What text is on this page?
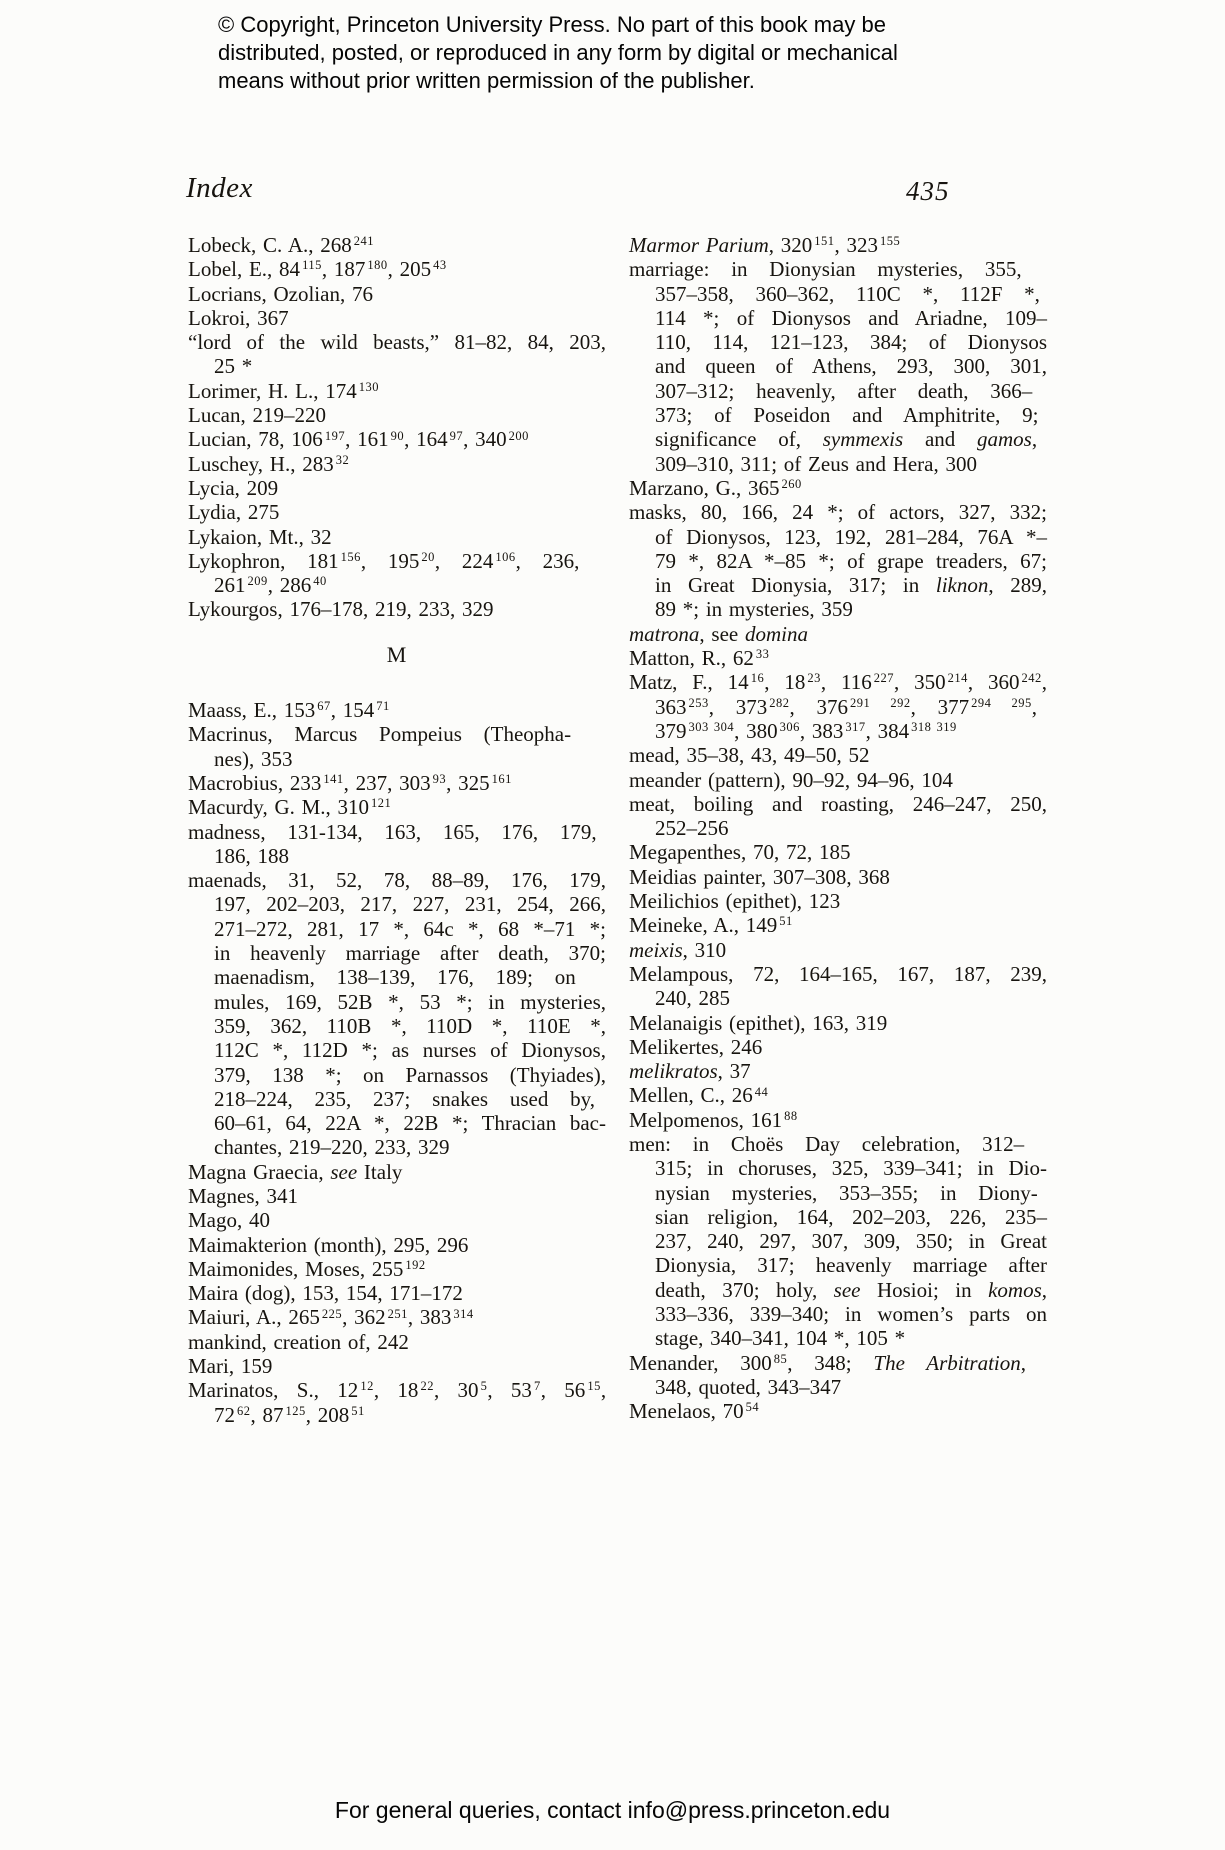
© Copyright, Princeton University Press. No part of this book may be
distributed, posted, or reproduced in any form by digital or mechanical
means without prior written permission of the publisher.
Index	435
Lobeck, C. A., 268 $^{241}$
Lobel, E., 84 $^{115}$, 187 $^{180}$, 205 $^{43}$
Locrians, Ozolian, 76
Lokroi, 367
“lord of the wild beasts,” 81–82, 84, 203,
25 *
Lorimer, H. L., 174 $^{130}$
Lucan, 219–220
Lucian, 78, 106 $^{197}$, 161 $^{90}$, 164 $^{97}$, 340 $^{200}$
Luschey, H., 283 $^{32}$
Lycia, 209
Lydia, 275
Lykaion, Mt., 32
Lykophron, 181 $^{156}$, 195 $^{20}$, 224 $^{106}$, 236,
261 $^{209}$, 286 $^{40}$
Lykourgos, 176–178, 219, 233, 329
M
Maass, E., 153 $^{67}$, 154 $^{71}$
Macrinus, Marcus Pompeius (Theopha-
nes), 353
Macrobius, 233 $^{141}$, 237, 303 $^{93}$, 325 $^{161}$
Macurdy, G. M., 310 $^{121}$
madness, 131-134, 163, 165, 176, 179,
186, 188
maenads, 31, 52, 78, 88–89, 176, 179,
197, 202–203, 217, 227, 231, 254, 266,
271–272, 281, 17 *, 64c *, 68 *–71 *;
in heavenly marriage after death, 370;
maenadism, 138–139, 176, 189; on
mules, 169, 52B *, 53 *; in mysteries,
359, 362, 110B *, 110D *, 110E *,
112C *, 112D *; as nurses of Dionysos,
379, 138 *; on Parnassos (Thyiades),
218–224, 235, 237; snakes used by,
60–61, 64, 22A *, 22B *; Thracian bac-
chantes, 219–220, 233, 329
Magna Graecia, see Italy
Magnes, 341
Mago, 40
Maimakterion (month), 295, 296
Maimonides, Moses, 255 $^{192}$
Maira (dog), 153, 154, 171–172
Maiuri, A., 265 $^{225}$, 362 $^{251}$, 383 $^{314}$
mankind, creation of, 242
Mari, 159
Marinatos, S., 12 $^{12}$, 18 $^{22}$, 30 $^5$, 53 $^7$, 56 $^{15}$,
72 $^{62}$, 87 $^{125}$, 208 $^{51}$
Marmor Parium, 320 $^{151}$, 323 $^{155}$
marriage: in Dionysian mysteries, 355,
357–358, 360–362, 110C *, 112F *,
114 *; of Dionysos and Ariadne, 109–
110, 114, 121–123, 384; of Dionysos
and queen of Athens, 293, 300, 301,
307–312; heavenly, after death, 366–
373; of Poseidon and Amphitrite, 9;
significance of, symmexis and gamos,
309–310, 311; of Zeus and Hera, 300
Marzano, G., 365 $^{260}$
masks, 80, 166, 24 *; of actors, 327, 332;
of Dionysos, 123, 192, 281–284, 76A *–
79 *, 82A *–85 *; of grape treaders, 67;
in Great Dionysia, 317; in liknon, 289,
89 *; in mysteries, 359
matrona, see domina
Matton, R., 62 $^{33}$
Matz, F., 14 $^{16}$, 18 $^{23}$, 116 $^{227}$, 350 $^{214}$, 360 $^{242}$,
363 $^{253}$, 373 $^{282}$, 376 $^{291 292}$, 377 $^{294 295}$,
379 $^{303 304}$, 380 $^{306}$, 383 $^{317}$, 384 $^{318 319}$
mead, 35–38, 43, 49–50, 52
meander (pattern), 90–92, 94–96, 104
meat, boiling and roasting, 246–247, 250,
252–256
Megapenthes, 70, 72, 185
Meidias painter, 307–308, 368
Meilichios (epithet), 123
Meineke, A., 149 $^{51}$
meixis, 310
Melampous, 72, 164–165, 167, 187, 239,
240, 285
Melanaigis (epithet), 163, 319
Melikertes, 246
melikratos, 37
Mellen, C., 26 $^{44}$
Melpomenos, 161 $^{88}$
men: in Choës Day celebration, 312–
315; in choruses, 325, 339–341; in Dio-
nysian mysteries, 353–355; in Diony-
sian religion, 164, 202–203, 226, 235–
237, 240, 297, 307, 309, 350; in Great
Dionysia, 317; heavenly marriage after
death, 370; holy, see Hosioi; in komos,
333–336, 339–340; in women’s parts on
stage, 340–341, 104 *, 105 *
Menander, 300 $^{85}$, 348; The Arbitration,
348, quoted, 343–347
Menelaos, 70 $^{54}$
For general queries, contact info@press.princeton.edu
